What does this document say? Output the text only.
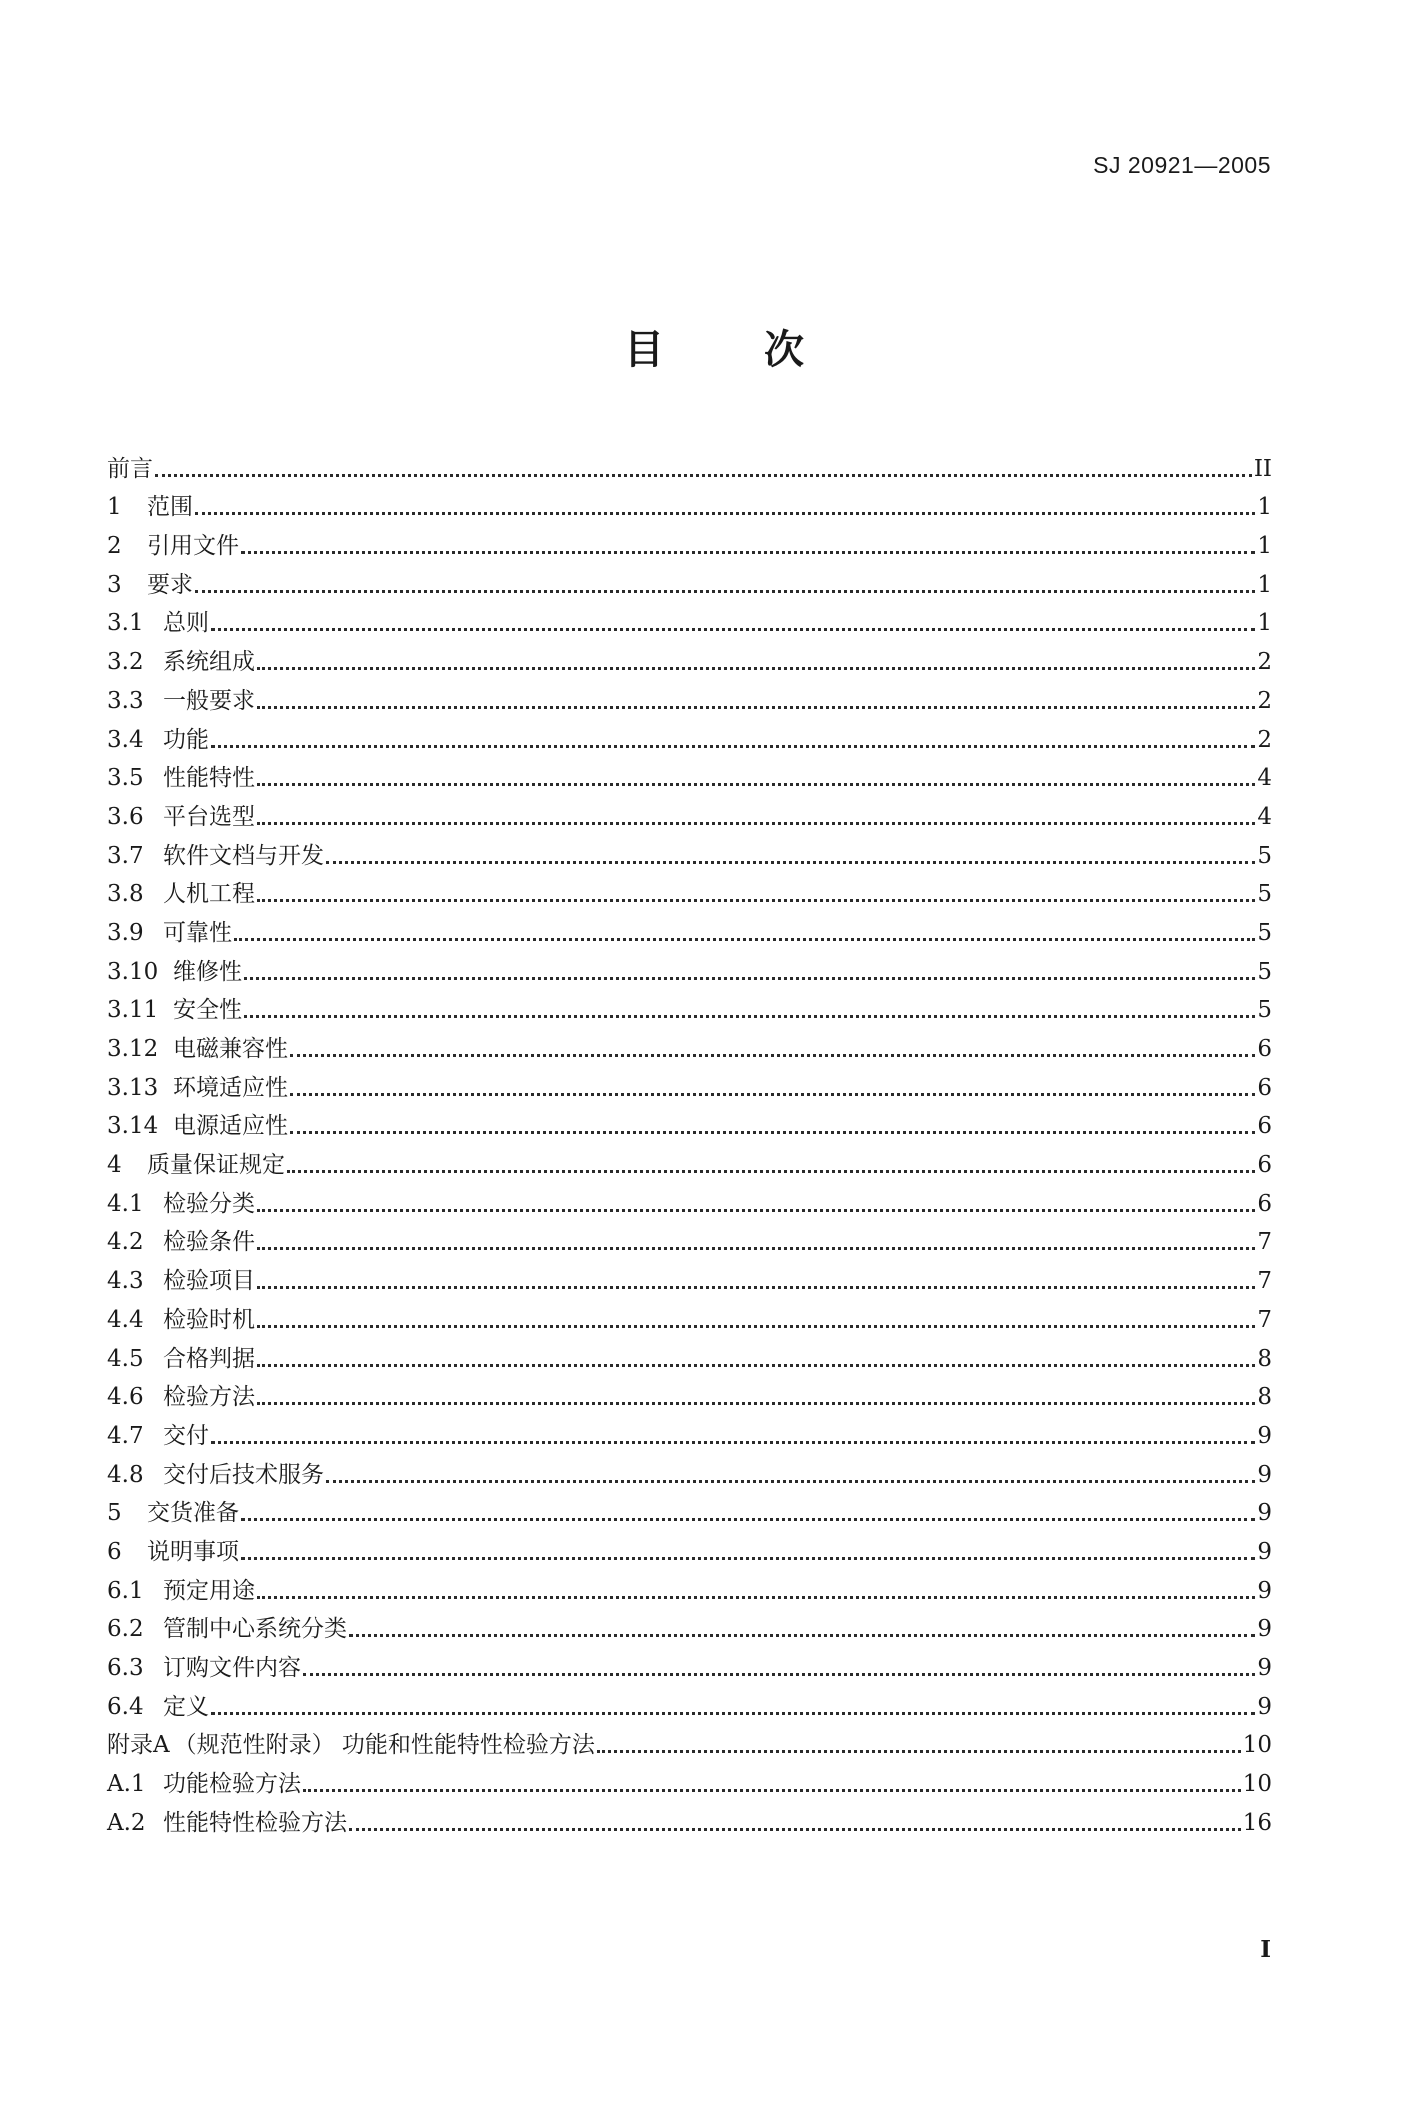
SJ 20921—2005
目次
前言	II
1	范围	1
2	引用文件	1
3	要求	1
3.1 总则	1
3.2 系统组成	2
3.3 一般要求	2
3.4 功能	2
3.5 性能特性	4
3.6 平台选型	4
3.7 软件文档与开发	5
3.8 人机工程	5
3.9 可靠性	5
3.10 维修性	5
3.11 安全性	5
3.12 电磁兼容性	6
3.13 环境适应性	6
3.14 电源适应性	6
4	质量保证规定	6
4.1 检验分类	6
4.2 检验条件	7
4.3 检验项目	7
4.4 检验时机	7
4.5 合格判据	8
4.6 检验方法	8
4.7 交付	9
4.8 交付后技术服务	9
5	交货准备	9
6	说明事项	9
6.1 预定用途	9
6.2 管制中心系统分类	9
6.3 订购文件内容	9
6.4 定义	9
附录A （规范性附录） 功能和性能特性检验方法	10
A.1 功能检验方法	10
A.2 性能特性检验方法	16
I
